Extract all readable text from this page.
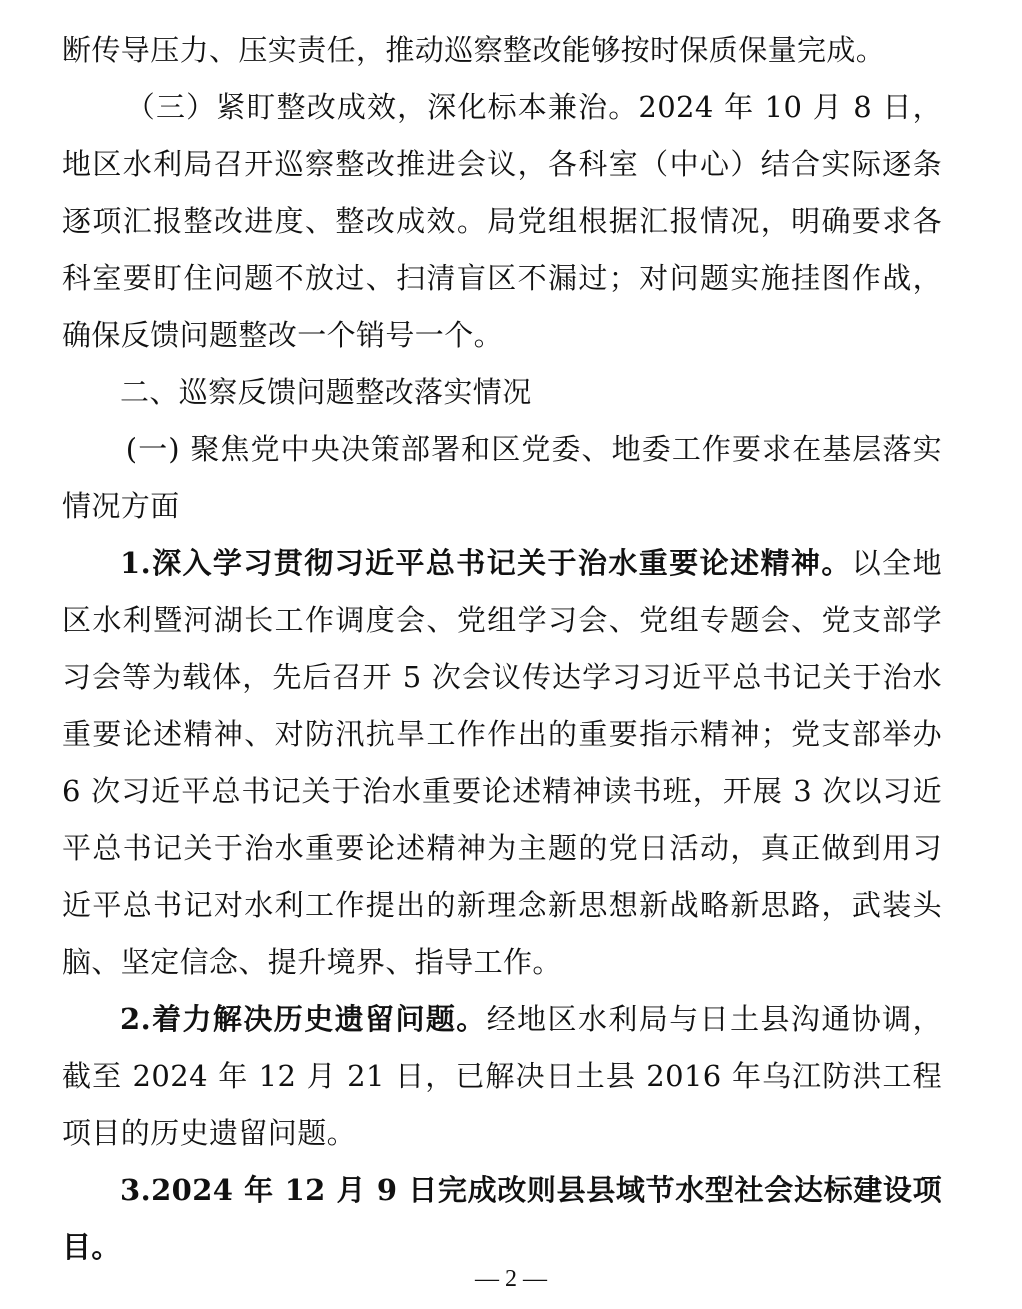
断传导压力、压实责任，推动巡察整改能够按时保质保量完成。

（三）紧盯整改成效，深化标本兼治。2024 年 10 月 8 日，地区水利局召开巡察整改推进会议，各科室（中心）结合实际逐条逐项汇报整改进度、整改成效。局党组根据汇报情况，明确要求各科室要盯住问题不放过、扫清盲区不漏过；对问题实施挂图作战，确保反馈问题整改一个销号一个。

二、巡察反馈问题整改落实情况

(一) 聚焦党中央决策部署和区党委、地委工作要求在基层落实情况方面

1.深入学习贯彻习近平总书记关于治水重要论述精神。以全地区水利暨河湖长工作调度会、党组学习会、党组专题会、党支部学习会等为载体，先后召开 5 次会议传达学习习近平总书记关于治水重要论述精神、对防汛抗旱工作作出的重要指示精神；党支部举办 6 次习近平总书记关于治水重要论述精神读书班，开展 3 次以习近平总书记关于治水重要论述精神为主题的党日活动，真正做到用习近平总书记对水利工作提出的新理念新思想新战略新思路，武装头脑、坚定信念、提升境界、指导工作。

2.着力解决历史遗留问题。经地区水利局与日土县沟通协调，截至 2024 年 12 月 21 日，已解决日土县 2016 年乌江防洪工程项目的历史遗留问题。

3.2024 年 12 月 9 日完成改则县县域节水型社会达标建设项目。

— 2 —
